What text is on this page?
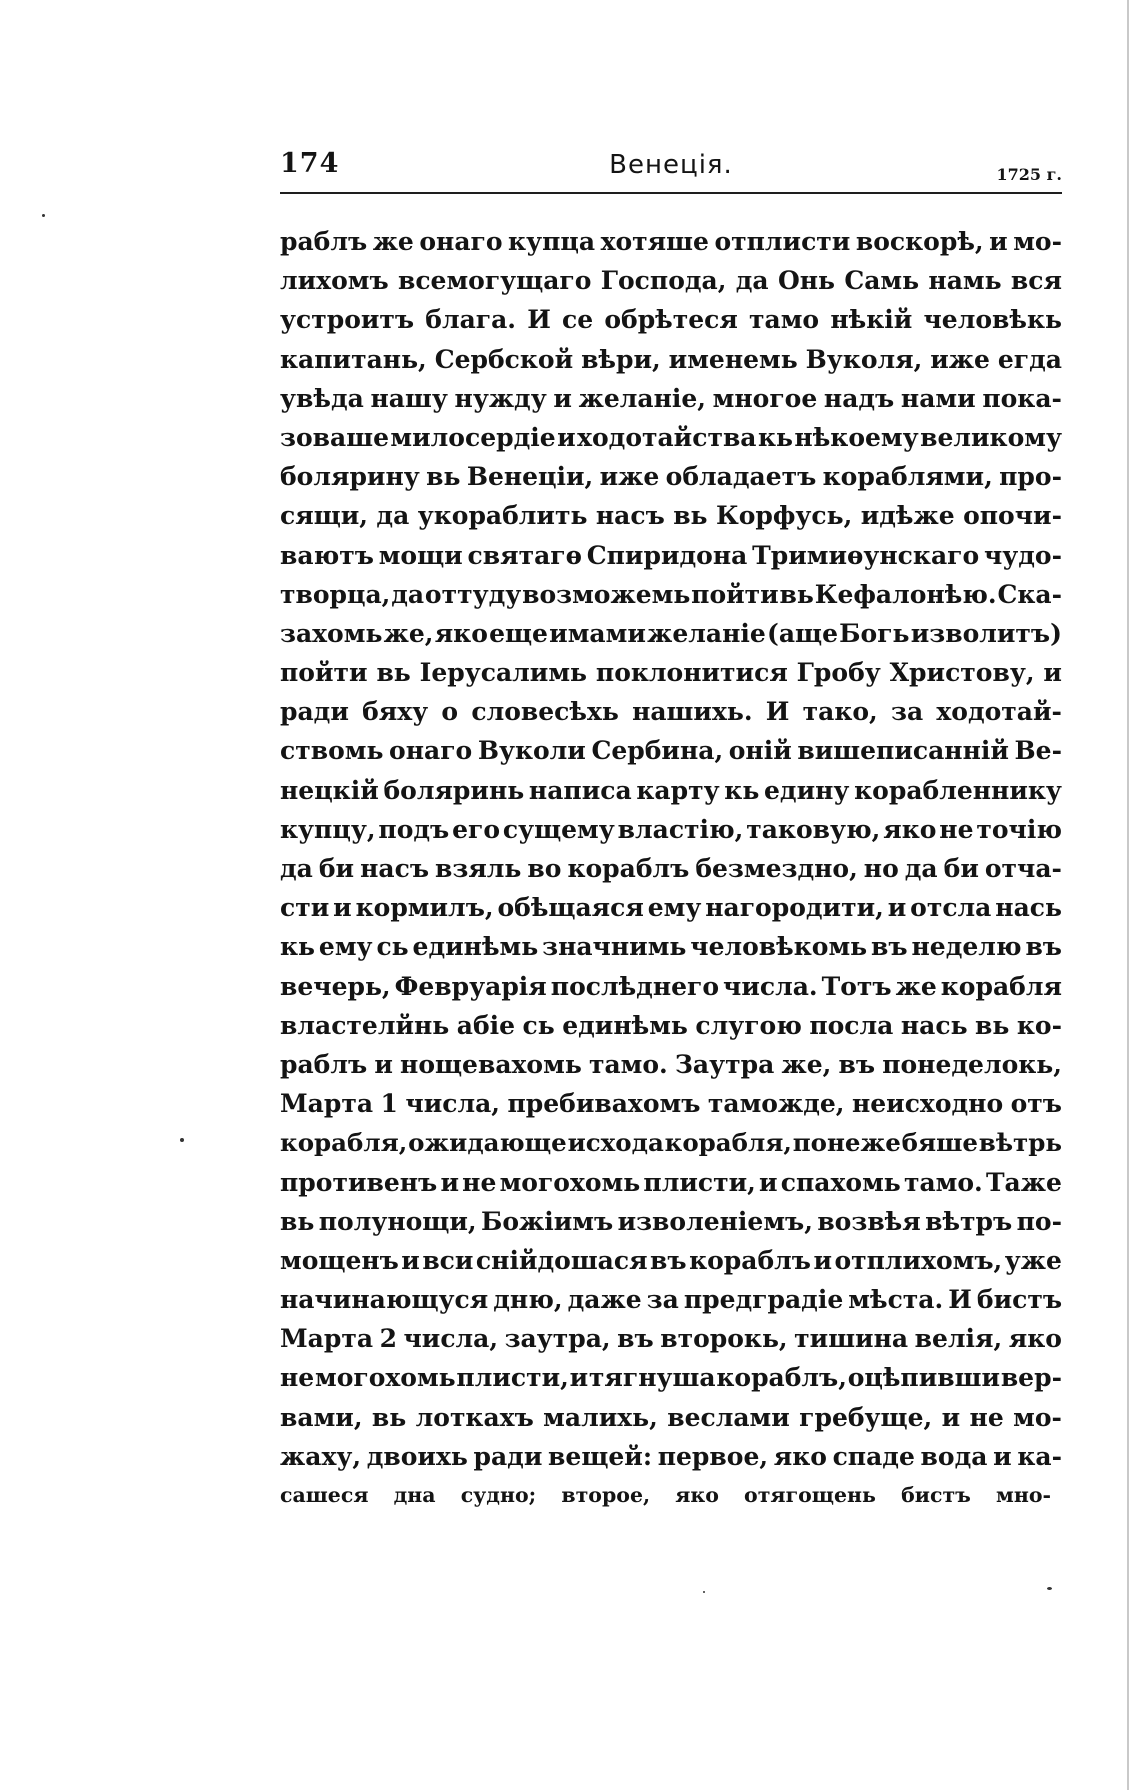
174	Венеція.	1725 г.
раблъ же онаго купца хотяше отплисти воскорѣ, и мо-
лихомъ всемогущаго Господа, да Онь Самь намь вся
устроитъ блага. И се обрѣтеся тамо нѣкій человѣкь
капитань, Сербской вѣри, именемь Вуколя, иже егда
увѣда нашу нужду и желаніе, многое надъ нами пока-
зоваше милосердіе и ходотайства кь нѣкоему великому
болярину вь Венеціи, иже обладаетъ кораблями, про-
сящи, да укораблить насъ вь Корфусь, идѣже опочи-
ваютъ мощи святагѳ Спиридона Тримиѳунскаго чудо-
творца, да оттуду возможемь пойти вь Кефалонѣю. Ска-
захомь же, яко еще имами желаніе (аще Богь изволитъ)
пойти вь Іерусалимь поклонитися Гробу Христову, и
ради бяху о словесѣхь нашихь. И тако, за ходотай-
ствомь онаго Вуколи Сербина, оній вишеписанній Ве-
нецкій боляринь написа карту кь едину корабленнику
купцу, подъ его сущему властію, таковую, яко не точію
да би насъ взяль во кораблъ безмездно, но да би отча-
сти и кормилъ, обѣщаяся ему нагородити, и отсла нась
кь ему сь единѣмь значнимь человѣкомь въ неделю въ
вечерь, Февруарія послѣднего числа. Тотъ же корабля
властелйнь абіе сь единѣмь слугою посла нась вь ко-
раблъ и нощевахомь тамо. Заутра же, въ понеделокь,
Марта 1 числа, пребивахомъ тамождe, неисходно отъ
корабля, ожидающе исхода корабля, понеже бяше вѣтрь
противенъ и не могохомь плисти, и спахомь тамо. Таже
вь полунощи, Божіимъ изволеніемъ, возвѣя вѣтръ по-
мощенъ и вси снійдошася въ кораблъ и отплихомъ, уже
начинающуся дню, даже за предградіе мѣста. И бистъ
Марта 2 числа, заутра, въ второкь, тишина велія, яко
не могохомь плисти, и тягнуша кораблъ, оцѣпивши вер-
вами, вь лоткахъ малихь, веслами гребуще, и не мо-
жаху, двоихь ради вещей: первое, яко спаде вода и ка-
сашеся дна судно; второе, яко отягощень бистъ мно-
